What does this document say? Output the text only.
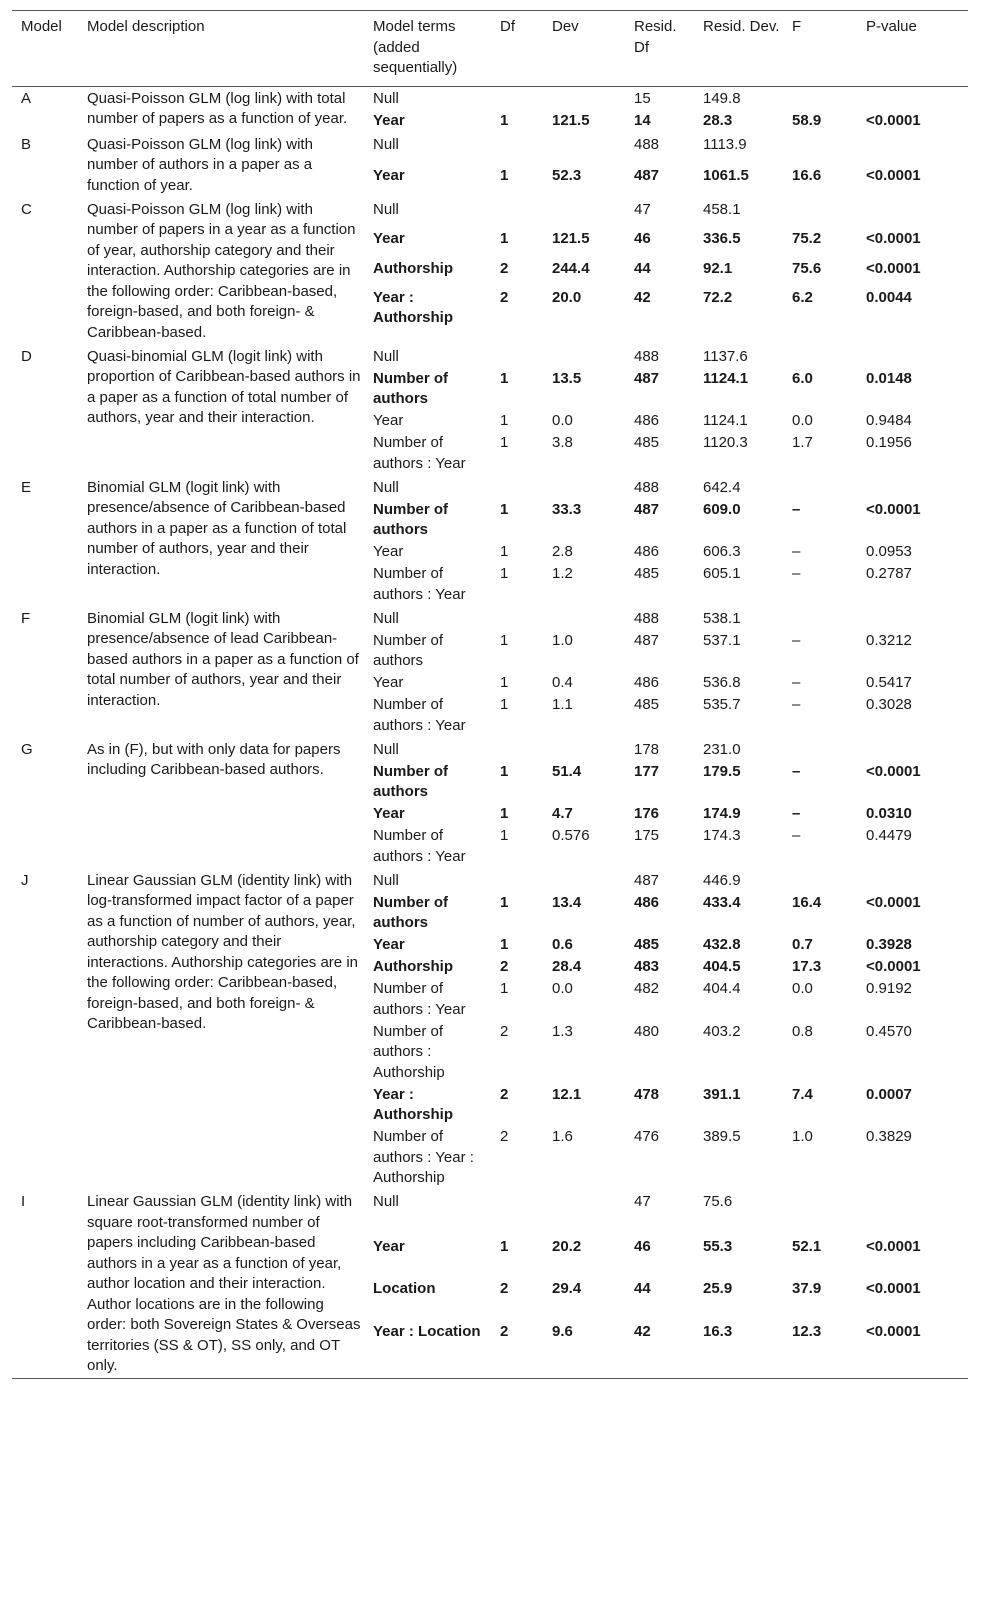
Model	Model description	Model terms (added sequentially)	Df	Dev	Resid. Df	Resid. Dev.	F	P-value
A	Quasi-Poisson GLM (log link) with total number of papers as a function of year.	Null			15	149.8		
		Year	1	121.5	14	28.3	58.9	<0.0001
B	Quasi-Poisson GLM (log link) with number of authors in a paper as a function of year.	Null			488	1113.9		
		Year	1	52.3	487	1061.5	16.6	<0.0001
C	Quasi-Poisson GLM (log link) with number of papers in a year as a function of year, authorship category and their interaction. Authorship categories are in the following order: Caribbean-based, foreign-based, and both foreign- & Caribbean-based.	Null			47	458.1		
		Year	1	121.5	46	336.5	75.2	<0.0001
		Authorship	2	244.4	44	92.1	75.6	<0.0001
		Year : Authorship	2	20.0	42	72.2	6.2	0.0044
D	Quasi-binomial GLM (logit link) with proportion of Caribbean-based authors in a paper as a function of total number of authors, year and their interaction.	Null			488	1137.6		
		Number of authors	1	13.5	487	1124.1	6.0	0.0148
		Year	1	0.0	486	1124.1	0.0	0.9484
		Number of authors : Year	1	3.8	485	1120.3	1.7	0.1956
E	Binomial GLM (logit link) with presence/absence of Caribbean-based authors in a paper as a function of total number of authors, year and their interaction.	Null			488	642.4		
		Number of authors	1	33.3	487	609.0	–	<0.0001
		Year	1	2.8	486	606.3	–	0.0953
		Number of authors : Year	1	1.2	485	605.1	–	0.2787
F	Binomial GLM (logit link) with presence/absence of lead Caribbean-based authors in a paper as a function of total number of authors, year and their interaction.	Null			488	538.1		
		Number of authors	1	1.0	487	537.1	–	0.3212
		Year	1	0.4	486	536.8	–	0.5417
		Number of authors : Year	1	1.1	485	535.7	–	0.3028
G	As in (F), but with only data for papers including Caribbean-based authors.	Null			178	231.0		
		Number of authors	1	51.4	177	179.5	–	<0.0001
		Year	1	4.7	176	174.9	–	0.0310
		Number of authors : Year	1	0.576	175	174.3	–	0.4479
J	Linear Gaussian GLM (identity link) with log-transformed impact factor of a paper as a function of number of authors, year, authorship category and their interactions. Authorship categories are in the following order: Caribbean-based, foreign-based, and both foreign- & Caribbean-based.	Null			487	446.9		
		Number of authors	1	13.4	486	433.4	16.4	<0.0001
		Year	1	0.6	485	432.8	0.7	0.3928
		Authorship	2	28.4	483	404.5	17.3	<0.0001
		Number of authors : Year	1	0.0	482	404.4	0.0	0.9192
		Number of authors : Authorship	2	1.3	480	403.2	0.8	0.4570
		Year : Authorship	2	12.1	478	391.1	7.4	0.0007
		Number of authors : Year : Authorship	2	1.6	476	389.5	1.0	0.3829
I	Linear Gaussian GLM (identity link) with square root-transformed number of papers including Caribbean-based authors in a year as a function of year, author location and their interaction. Author locations are in the following order: both Sovereign States & Overseas territories (SS & OT), SS only, and OT only.	Null			47	75.6		
		Year	1	20.2	46	55.3	52.1	<0.0001
		Location	2	29.4	44	25.9	37.9	<0.0001
		Year : Location	2	9.6	42	16.3	12.3	<0.0001
